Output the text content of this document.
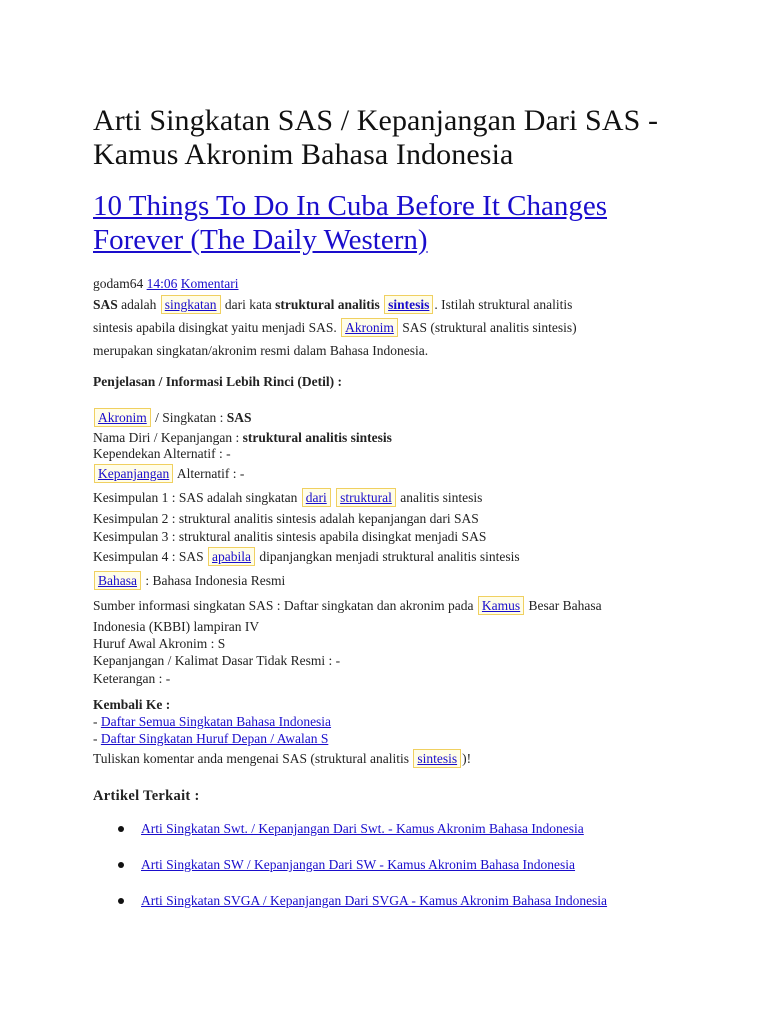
Arti Singkatan SAS / Kepanjangan Dari SAS - Kamus Akronim Bahasa Indonesia
10 Things To Do In Cuba Before It Changes Forever (The Daily Western)
godam64 14:06 Komentari
SAS adalah singkatan dari kata struktural analitis sintesis . Istilah struktural analitis
sintesis apabila disingkat yaitu menjadi SAS. Akronim SAS (struktural analitis sintesis)
merupakan singkatan/akronim resmi dalam Bahasa Indonesia.
Penjelasan / Informasi Lebih Rinci (Detil) :
Akronim / Singkatan : SAS
Nama Diri / Kepanjangan : struktural analitis sintesis
Kependekan Alternatif : -
Kepanjangan Alternatif : -
Kesimpulan 1 : SAS adalah singkatan dari struktural analitis sintesis
Kesimpulan 2 : struktural analitis sintesis adalah kepanjangan dari SAS
Kesimpulan 3 : struktural analitis sintesis apabila disingkat menjadi SAS
Kesimpulan 4 : SAS apabila dipanjangkan menjadi struktural analitis sintesis
Bahasa : Bahasa Indonesia Resmi
Sumber informasi singkatan SAS : Daftar singkatan dan akronim pada Kamus Besar Bahasa
Indonesia (KBBI) lampiran IV
Huruf Awal Akronim : S
Kepanjangan / Kalimat Dasar Tidak Resmi : -
Keterangan : -
Kembali Ke :
- Daftar Semua Singkatan Bahasa Indonesia
- Daftar Singkatan Huruf Depan / Awalan S
Tuliskan komentar anda mengenai SAS (struktural analitis sintesis )!
Artikel Terkait :
Arti Singkatan Swt. / Kepanjangan Dari Swt. - Kamus Akronim Bahasa Indonesia
Arti Singkatan SW / Kepanjangan Dari SW - Kamus Akronim Bahasa Indonesia
Arti Singkatan SVGA / Kepanjangan Dari SVGA - Kamus Akronim Bahasa Indonesia
